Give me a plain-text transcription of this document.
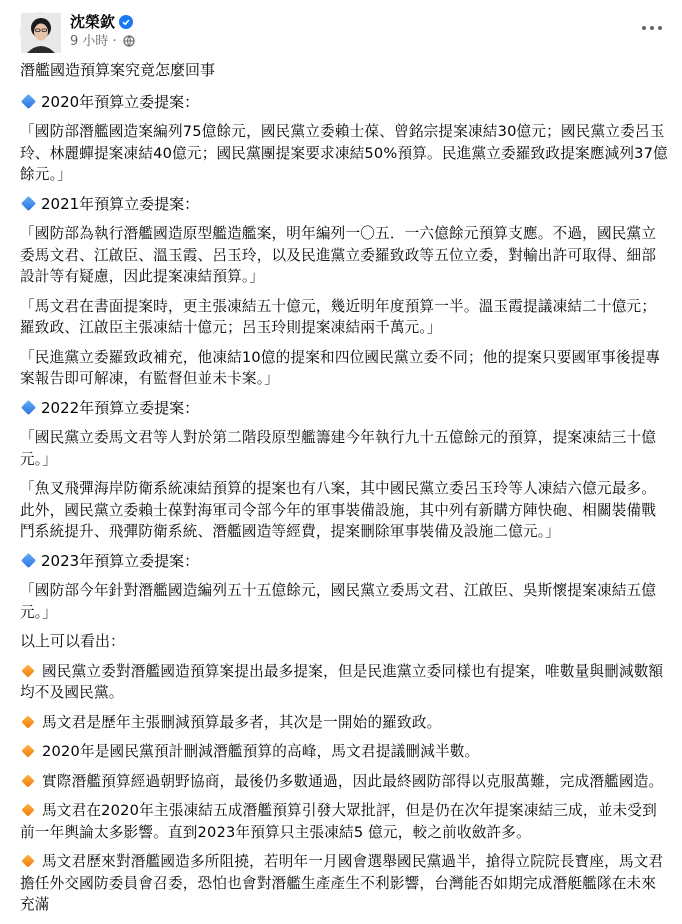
沈榮欽
9 小時 ·

潛艦國造預算案究竟怎麼回事

2020年預算立委提案：

「國防部潛艦國造案編列75億餘元，國民黨立委賴士葆、曾銘宗提案凍結30億元；國民黨立委呂玉玲、林麗蟬提案凍結40億元；國民黨團提案要求凍結50%預算。民進黨立委羅致政提案應減列37億餘元。」

2021年預算立委提案：

「國防部為執行潛艦國造原型艦造艦案，明年編列一〇五．一六億餘元預算支應。不過，國民黨立委馬文君、江啟臣、溫玉霞、呂玉玲，以及民進黨立委羅致政等五位立委，對輸出許可取得、細部設計等有疑慮，因此提案凍結預算。」

「馬文君在書面提案時，更主張凍結五十億元，幾近明年度預算一半。溫玉霞提議凍結二十億元；羅致政、江啟臣主張凍結十億元；呂玉玲則提案凍結兩千萬元。」

「民進黨立委羅致政補充，他凍結10億的提案和四位國民黨立委不同；他的提案只要國軍事後提專案報告即可解凍，有監督但並未卡案。」

2022年預算立委提案：

「國民黨立委馬文君等人對於第二階段原型艦籌建今年執行九十五億餘元的預算，提案凍結三十億元。」

「魚叉飛彈海岸防衛系統凍結預算的提案也有八案，其中國民黨立委呂玉玲等人凍結六億元最多。此外，國民黨立委賴士葆對海軍司令部今年的軍事裝備設施，其中列有新購方陣快砲、相關裝備戰鬥系統提升、飛彈防衛系統、潛艦國造等經費，提案刪除軍事裝備及設施二億元。」

2023年預算立委提案：

「國防部今年針對潛艦國造編列五十五億餘元，國民黨立委馬文君、江啟臣、吳斯懷提案凍結五億元。」

以上可以看出：

國民黨立委對潛艦國造預算案提出最多提案，但是民進黨立委同樣也有提案，唯數量與刪減數額均不及國民黨。

馬文君是歷年主張刪減預算最多者，其次是一開始的羅致政。

2020年是國民黨預計刪減潛艦預算的高峰，馬文君提議刪減半數。

實際潛艦預算經過朝野協商，最後仍多數通過，因此最終國防部得以克服萬難，完成潛艦國造。

馬文君在2020年主張凍結五成潛艦預算引發大眾批評，但是仍在次年提案凍結三成，並未受到前一年輿論太多影響。直到2023年預算只主張凍結5 億元，較之前收斂許多。

馬文君歷來對潛艦國造多所阻撓，若明年一月國會選舉國民黨過半，搶得立院院長寶座，馬文君擔任外交國防委員會召委，恐怕也會對潛艦生產產生不利影響，台灣能否如期完成潛艇艦隊在未來充滿
